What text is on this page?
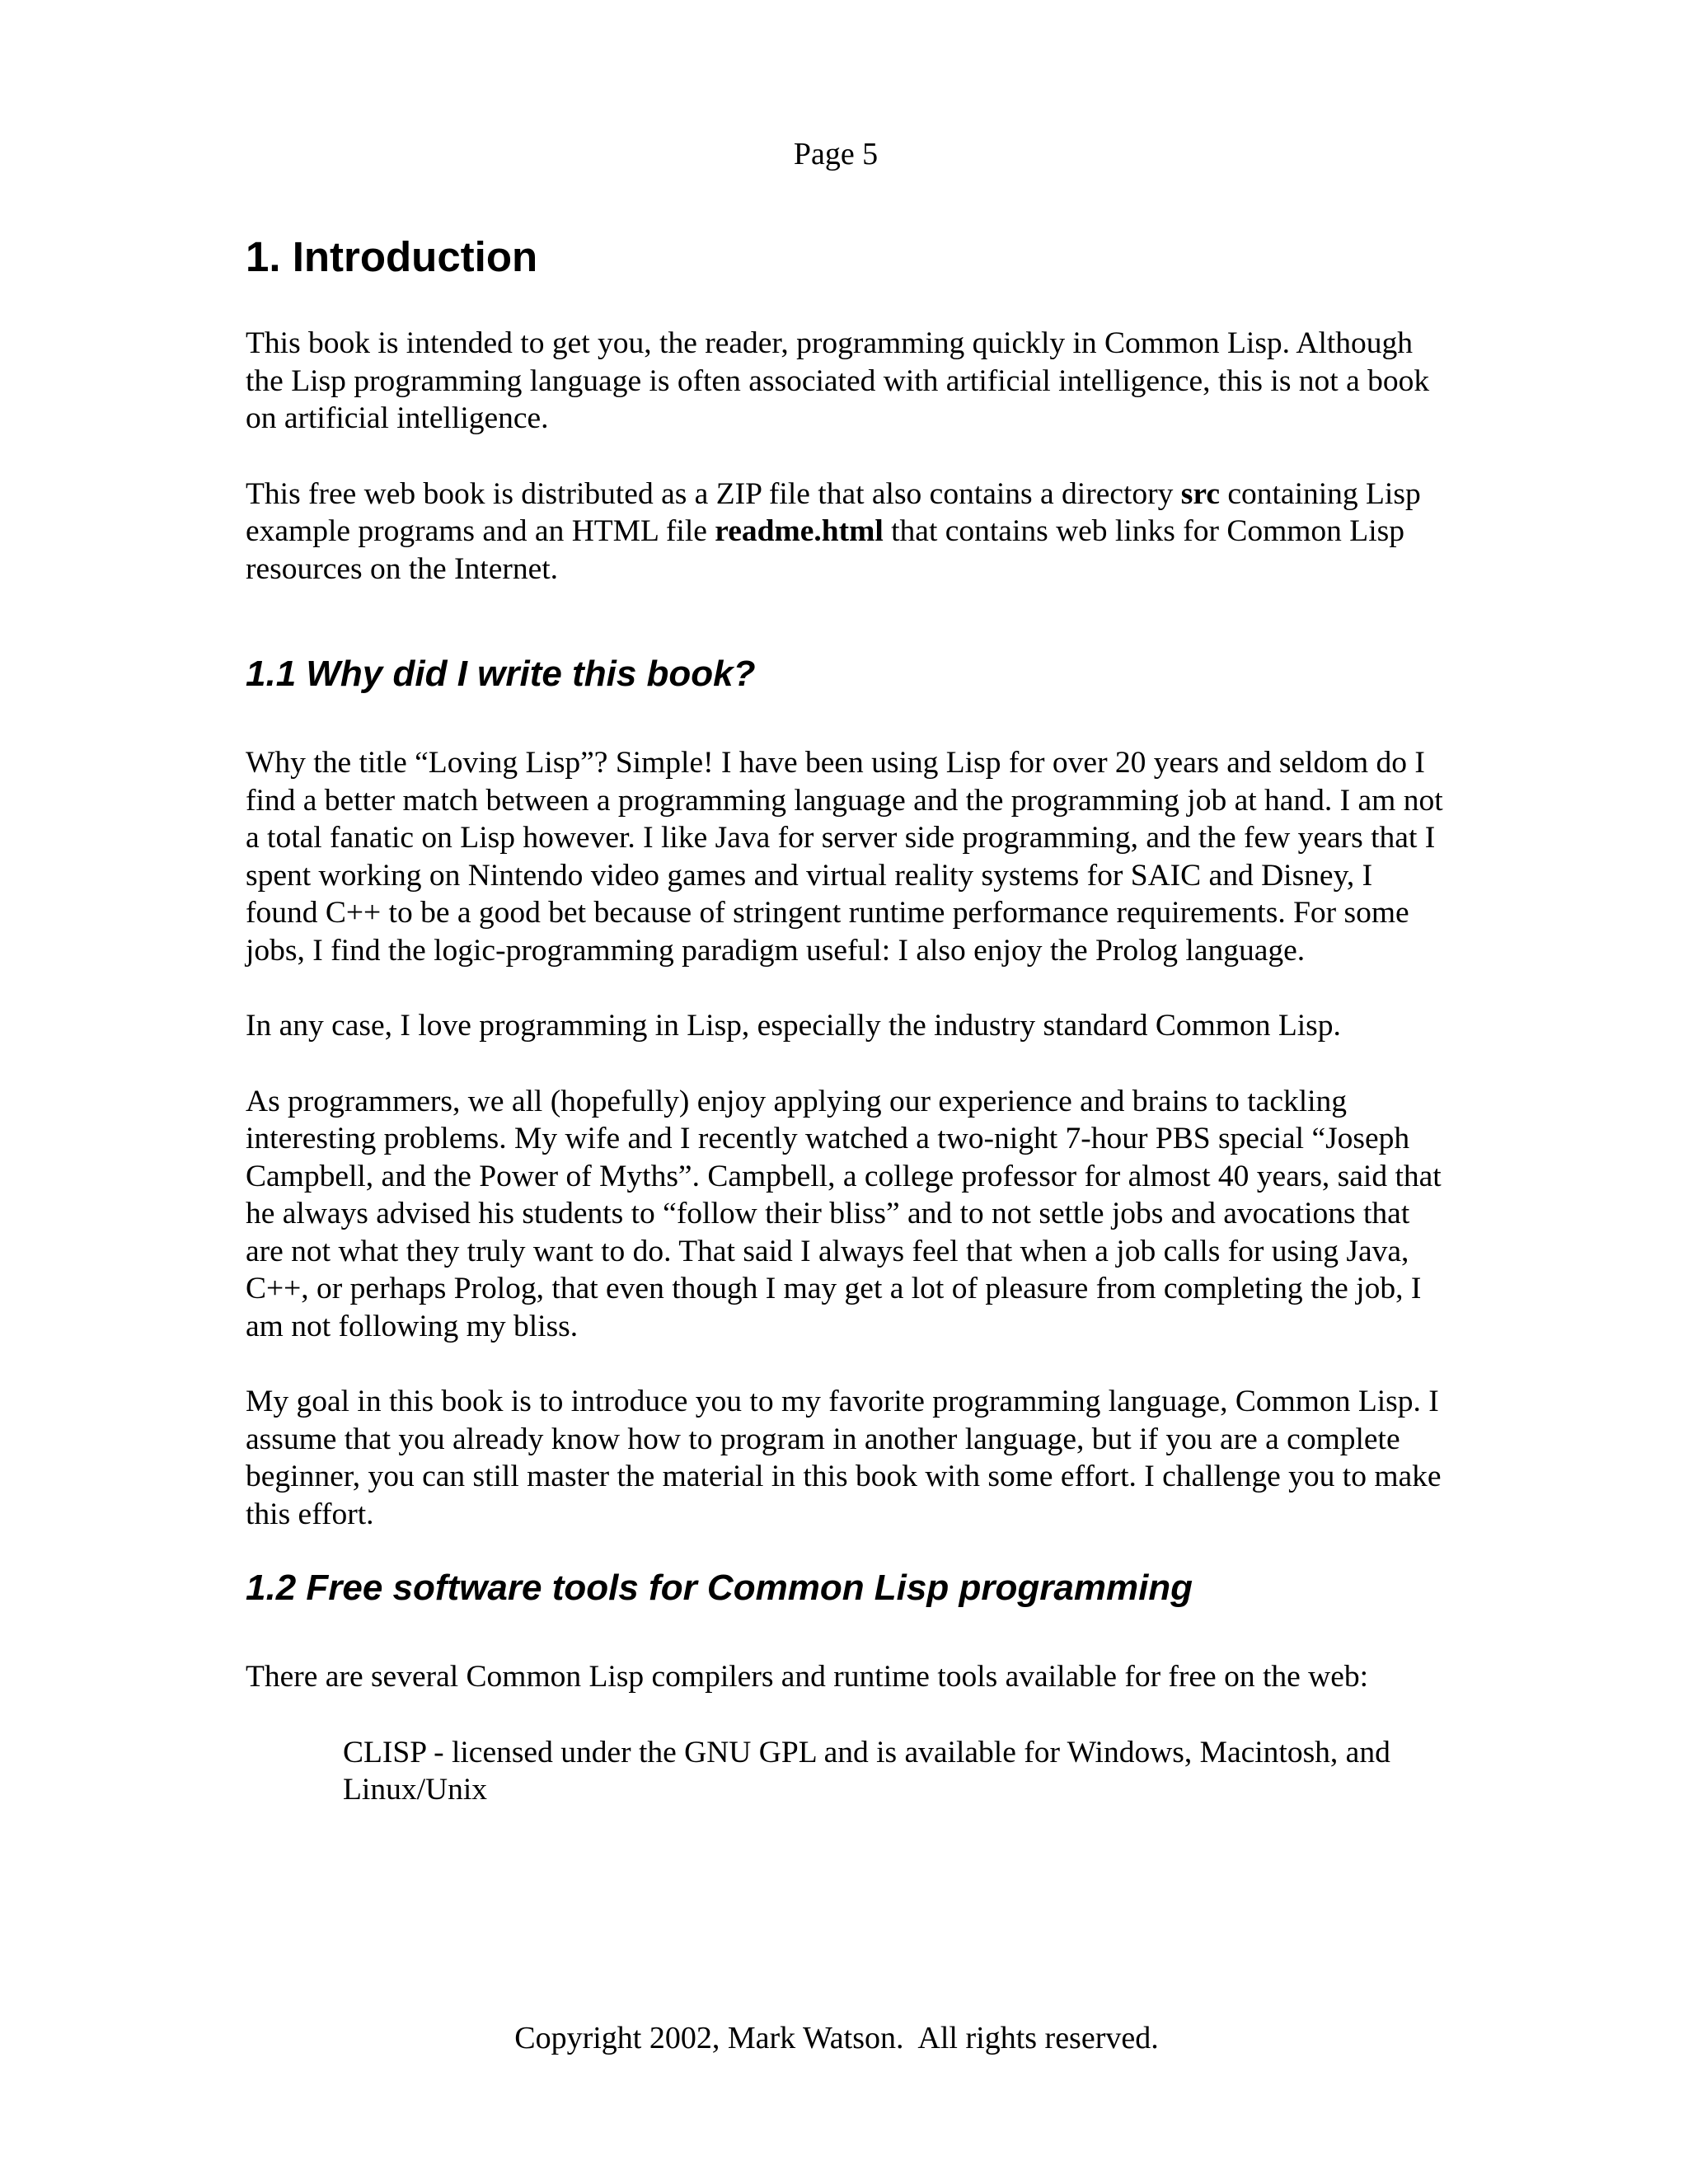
Page 5
1. Introduction

This book is intended to get you, the reader, programming quickly in Common Lisp. Although the Lisp programming language is often associated with artificial intelligence, this is not a book on artificial intelligence.

This free web book is distributed as a ZIP file that also contains a directory src containing Lisp example programs and an HTML file readme.html that contains web links for Common Lisp resources on the Internet.

1.1 Why did I write this book?

Why the title “Loving Lisp”? Simple! I have been using Lisp for over 20 years and seldom do I find a better match between a programming language and the programming job at hand. I am not a total fanatic on Lisp however. I like Java for server side programming, and the few years that I spent working on Nintendo video games and virtual reality systems for SAIC and Disney, I found C++ to be a good bet because of stringent runtime performance requirements. For some jobs, I find the logic-programming paradigm useful: I also enjoy the Prolog language.

In any case, I love programming in Lisp, especially the industry standard Common Lisp.

As programmers, we all (hopefully) enjoy applying our experience and brains to tackling interesting problems. My wife and I recently watched a two-night 7-hour PBS special “Joseph Campbell, and the Power of Myths”. Campbell, a college professor for almost 40 years, said that he always advised his students to “follow their bliss” and to not settle jobs and avocations that are not what they truly want to do. That said I always feel that when a job calls for using Java, C++, or perhaps Prolog, that even though I may get a lot of pleasure from completing the job, I am not following my bliss.

My goal in this book is to introduce you to my favorite programming language, Common Lisp. I assume that you already know how to program in another language, but if you are a complete beginner, you can still master the material in this book with some effort. I challenge you to make this effort.

1.2 Free software tools for Common Lisp programming

There are several Common Lisp compilers and runtime tools available for free on the web:

CLISP - licensed under the GNU GPL and is available for Windows, Macintosh, and Linux/Unix

Copyright 2002, Mark Watson.  All rights reserved.
